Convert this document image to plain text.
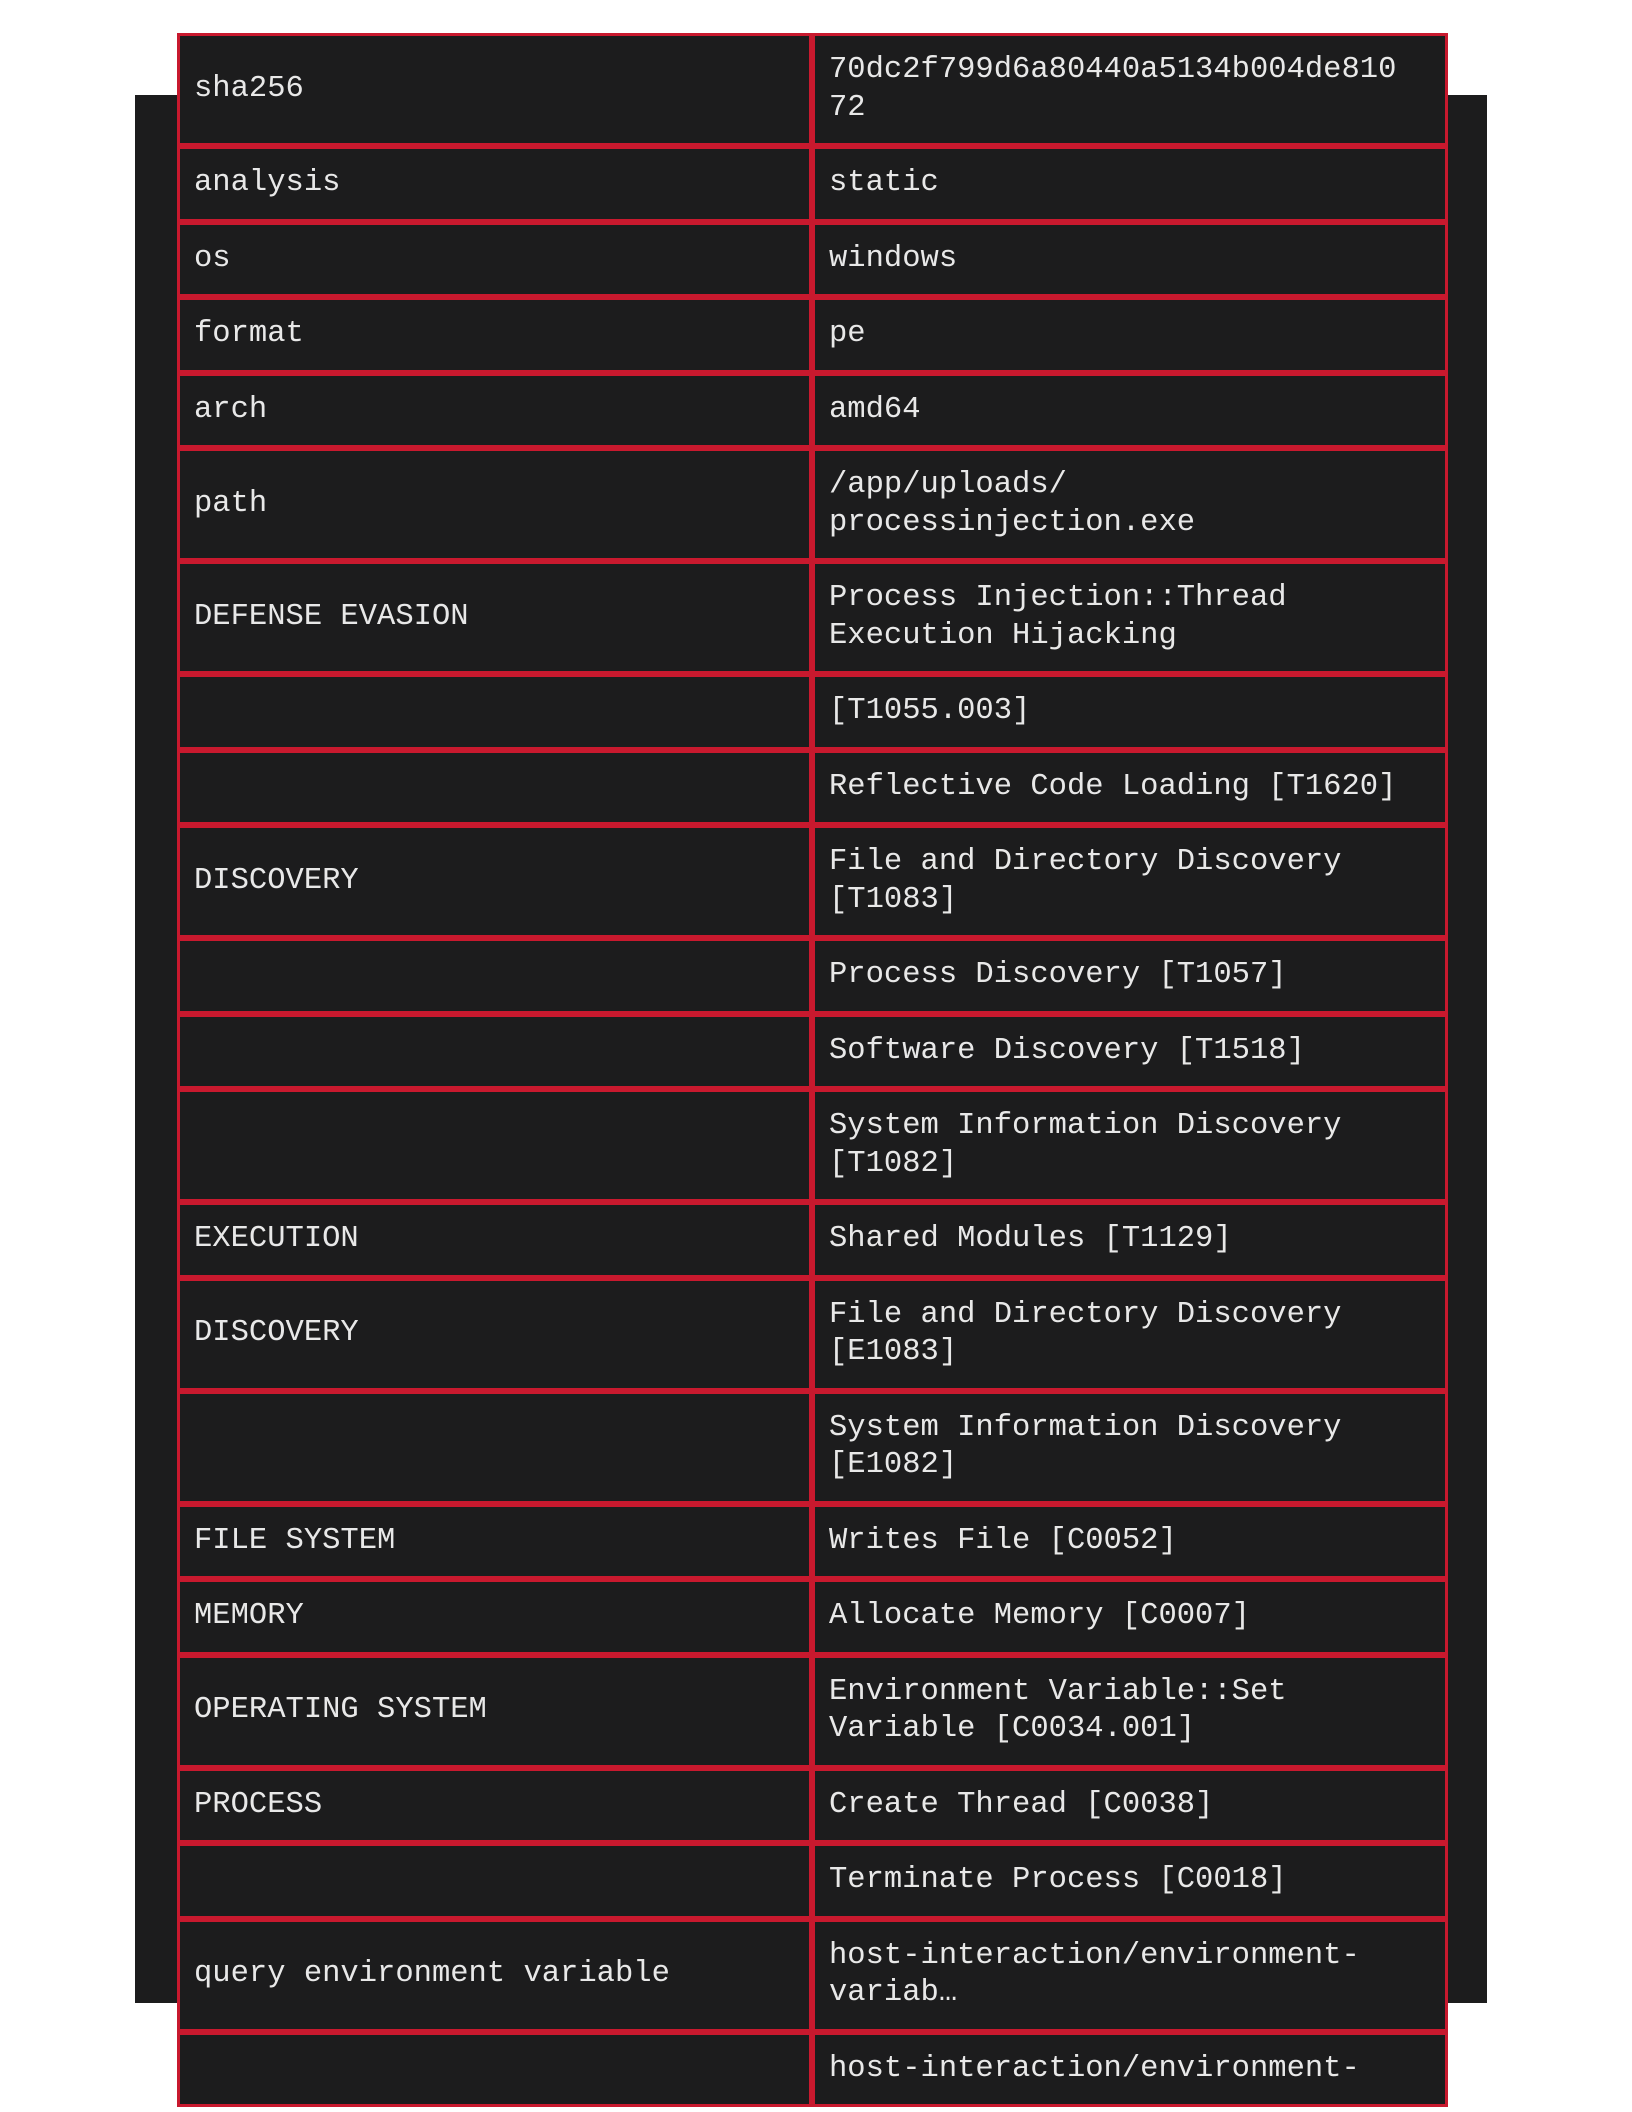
sha256	70dc2f799d6a80440a5134b004de810
72
analysis	static
os	windows
format	pe
arch	amd64
path	/app/uploads/
processinjection.exe
DEFENSE EVASION	Process Injection::Thread
Execution Hijacking
	[T1055.003]
	Reflective Code Loading [T1620]
DISCOVERY	File and Directory Discovery
[T1083]
	Process Discovery [T1057]
	Software Discovery [T1518]
	System Information Discovery
[T1082]
EXECUTION	Shared Modules [T1129]
DISCOVERY	File and Directory Discovery
[E1083]
	System Information Discovery
[E1082]
FILE SYSTEM	Writes File [C0052]
MEMORY	Allocate Memory [C0007]
OPERATING SYSTEM	Environment Variable::Set
Variable [C0034.001]
PROCESS	Create Thread [C0038]
	Terminate Process [C0018]
query environment variable	host-interaction/environment-
variab…
	host-interaction/environment-
